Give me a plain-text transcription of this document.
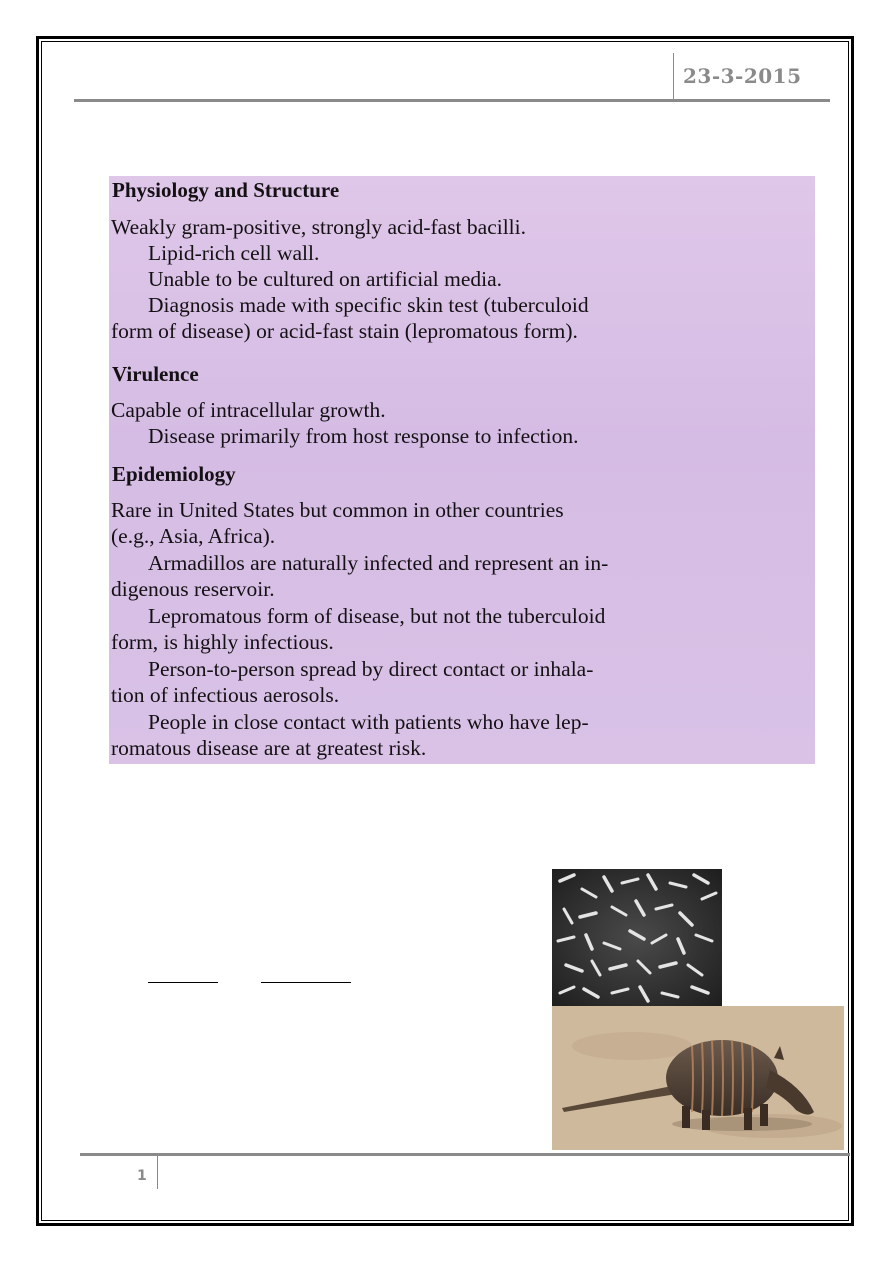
23-3-2015
Physiology and Structure
Weakly gram-positive, strongly acid-fast bacilli.
Lipid-rich cell wall.
Unable to be cultured on artificial media.
Diagnosis made with specific skin test (tuberculoid
form of disease) or acid-fast stain (lepromatous form).
Virulence
Capable of intracellular growth.
Disease primarily from host response to infection.
Epidemiology
Rare in United States but common in other countries
(e.g., Asia, Africa).
Armadillos are naturally infected and represent an in-
digenous reservoir.
Lepromatous form of disease, but not the tuberculoid
form, is highly infectious.
Person-to-person spread by direct contact or inhala-
tion of infectious aerosols.
People in close contact with patients who have lep-
romatous disease are at greatest risk.
1
